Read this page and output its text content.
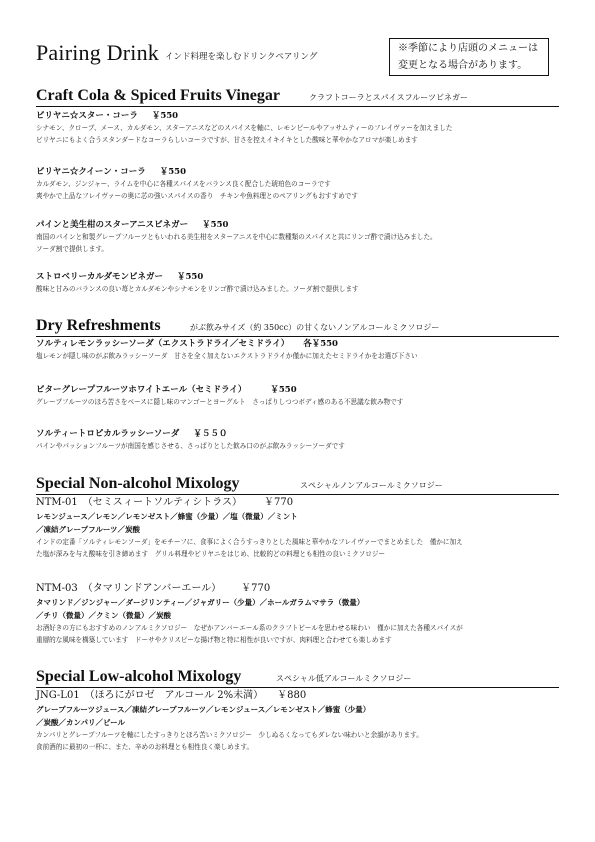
Pairing Drink インド料理を楽しむドリンクペアリング
※季節により店頭のメニューは
変更となる場合があります。
Craft Cola & Spiced Fruits Vinegar	クラフトコーラとスパイスフルーツビネガー
ビリヤニ☆スター・コーラ ￥550
シナモン、クローブ、メース、カルダモン、スターアニスなどのスパイスを軸に、レモンピールやアッサムティーのフレイヴァーを加えました
ビリヤニにもよく合うスタンダードなコーラらしいコーラですが、甘さを控えイキイキとした酸味と華やかなアロマが楽しめます
ビリヤニ☆クイーン・コーラ ￥550
カルダモン、ジンジャー、ライムを中心に各種スパイスをバランス良く配合した琥珀色のコーラです
爽やかで上品なフレイヴァーの奥に芯の強いスパイスの香り　チキンや魚料理とのペアリングもおすすめです
パインと美生柑のスターアニスビネガー ￥550
南国のパインと和製グレープフルーツともいわれる美生柑をスターアニスを中心に数種類のスパイスと共にリンゴ酢で漬け込みました。
ソーダ割で提供します。
ストロベリーカルダモンビネガー ￥550
酸味と甘みのバランスの良い苺とカルダモンやシナモンをリンゴ酢で漬け込みました。ソーダ割で提供します
Dry Refreshments	がぶ飲みサイズ（約 350cc）の甘くないノンアルコールミクソロジー
ソルティレモンラッシーソーダ（エクストラドライ／セミドライ） 各￥550
塩レモンが隠し味のがぶ飲みラッシーソーダ　甘さを全く加えないエクストラドライか僅かに加えたセミドライかをお選び下さい
ビターグレープフルーツホワイトエール（セミドライ）	￥550
グレープフルーツのほろ苦さをベースに隠し味のマンゴーとヨーグルト　さっぱりしつつボディ感のある不思議な飲み物です
ソルティートロピカルラッシーソーダ ￥５５０
パインやパッションフルーツが南国を感じさせる、さっぱりとした飲み口のがぶ飲みラッシーソーダです
Special Non-alcohol Mixology	スペシャルノンアルコールミクソロジー
NTM-01　（セミスィートソルティシトラス） ￥770
レモンジュース／レモン／レモンゼスト／蜂蜜（少量）／塩（微量）／ミント
／凍結グレープフルーツ／炭酸
インドの定番「ソルティレモンソーダ」をモチーフに、食事によく合うすっきりとした風味と華やかなフレイヴァーでまとめました　僅かに加え
た塩が深みを与え酸味を引き締めます　グリル料理やビリヤニをはじめ、比較的どの料理とも相性の良いミクソロジー
NTM-03　（タマリンドアンバーエール） ￥770
タマリンド／ジンジャー／ダージリンティー／ジャガリー（少量）／ホールガラムマサラ（微量）
／チリ（微量）／クミン（微量）／炭酸
お酒好きの方にもおすすめのノンアルミクソロジー　なぜかアンバーエール系のクラフトビールを思わせる味わい　僅かに加えた各種スパイスが
重層的な風味を構築しています　ドーサやクリスピーな揚げ物と特に相性が良いですが、肉料理と合わせても楽しめます
Special Low-alcohol Mixology	スペシャル低アルコールミクソロジー
JNG-L01　（ほろにがロゼ　アルコール 2%未満） ￥880
グレープフルーツジュース／凍結グレープフルーツ／レモンジュース／レモンゼスト／蜂蜜（少量）
／炭酸／カンパリ／ビール
カンパリとグレープフルーツを軸にしたすっきりとほろ苦いミクソロジー　少しぬるくなってもダレない味わいと余韻があります。
食前酒的に最初の一杯に、また、辛めのお料理とも相性良く楽しめます。
